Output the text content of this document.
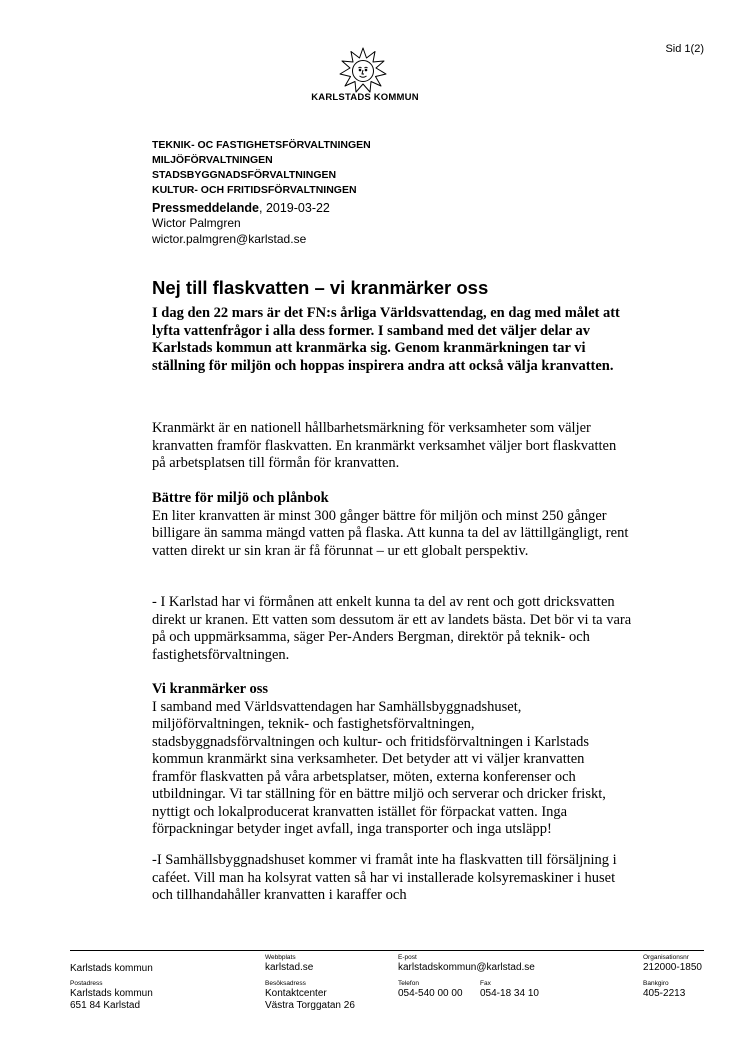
Sid 1(2)
KARLSTADS KOMMUN
TEKNIK- OC FASTIGHETSFÖRVALTNINGEN
MILJÖFÖRVALTNINGEN
STADSBYGGNADSFÖRVALTNINGEN
KULTUR- OCH FRITIDSFÖRVALTNINGEN
Pressmeddelande, 2019-03-22
Wictor Palmgren
wictor.palmgren@karlstad.se
Nej till flaskvatten – vi kranmärker oss
I dag den 22 mars är det FN:s årliga Världsvattendag, en dag med målet att lyfta vattenfrågor i alla dess former. I samband med det väljer delar av Karlstads kommun att kranmärka sig. Genom kranmärkningen tar vi ställning för miljön och hoppas inspirera andra att också välja kranvatten.

Kranmärkt är en nationell hållbarhetsmärkning för verksamheter som väljer kranvatten framför flaskvatten. En kranmärkt verksamhet väljer bort flaskvatten på arbetsplatsen till förmån för kranvatten.

Bättre för miljö och plånbok

En liter kranvatten är minst 300 gånger bättre för miljön och minst 250 gånger billigare än samma mängd vatten på flaska. Att kunna ta del av lättillgängligt, rent vatten direkt ur sin kran är få förunnat – ur ett globalt perspektiv.

- I Karlstad har vi förmånen att enkelt kunna ta del av rent och gott dricksvatten direkt ur kranen. Ett vatten som dessutom är ett av landets bästa. Det bör vi ta vara på och uppmärksamma, säger Per-Anders Bergman, direktör på teknik- och fastighetsförvaltningen.

Vi kranmärker oss

I samband med Världsvattendagen har Samhällsbyggnadshuset, miljöförvaltningen, teknik- och fastighetsförvaltningen, stadsbyggnadsförvaltningen och kultur- och fritidsförvaltningen i Karlstads kommun kranmärkt sina verksamheter. Det betyder att vi väljer kranvatten framför flaskvatten på våra arbetsplatser, möten, externa konferenser och utbildningar. Vi tar ställning för en bättre miljö och serverar och dricker friskt, nyttigt och lokalproducerat kranvatten istället för förpackat vatten. Inga förpackningar betyder inget avfall, inga transporter och inga utsläpp!

-I Samhällsbyggnadshuset kommer vi framåt inte ha flaskvatten till försäljning i caféet. Vill man ha kolsyrat vatten så har vi installerade kolsyremaskiner i huset och tillhandahåller kranvatten i karaffer och

Karlstads kommun
Webbplats
karlstad.se
E-post
karlstadskommun@karlstad.se
Organisationsnr
212000-1850
Postadress
Karlstads kommun
651 84 Karlstad
Besöksadress
Kontaktcenter
Västra Torggatan 26
Telefon
054-540 00 00
Fax
054-18 34 10
Bankgiro
405-2213
